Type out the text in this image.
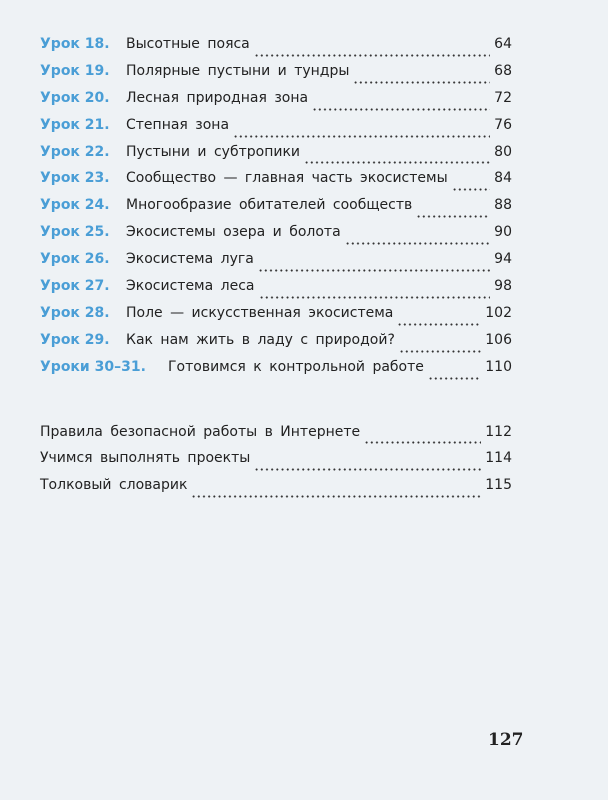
Урок 18.	Высотные пояса	64
Урок 19.	Полярные пустыни и тундры	68
Урок 20.	Лесная природная зона	72
Урок 21.	Степная зона	76
Урок 22.	Пустыни и субтропики	80
Урок 23.	Сообщество — главная часть экосистемы	84
Урок 24.	Многообразие обитателей сообществ	88
Урок 25.	Экосистемы озера и болота	90
Урок 26.	Экосистема луга	94
Урок 27.	Экосистема леса	98
Урок 28.	Поле — искусственная экосистема	102
Урок 29.	Как нам жить в ладу с природой?	106
Уроки 30–31.	Готовимся к контрольной работе	110
Правила безопасной работы в Интернете	112
Учимся выполнять проекты	114
Толковый словарик	115
127
